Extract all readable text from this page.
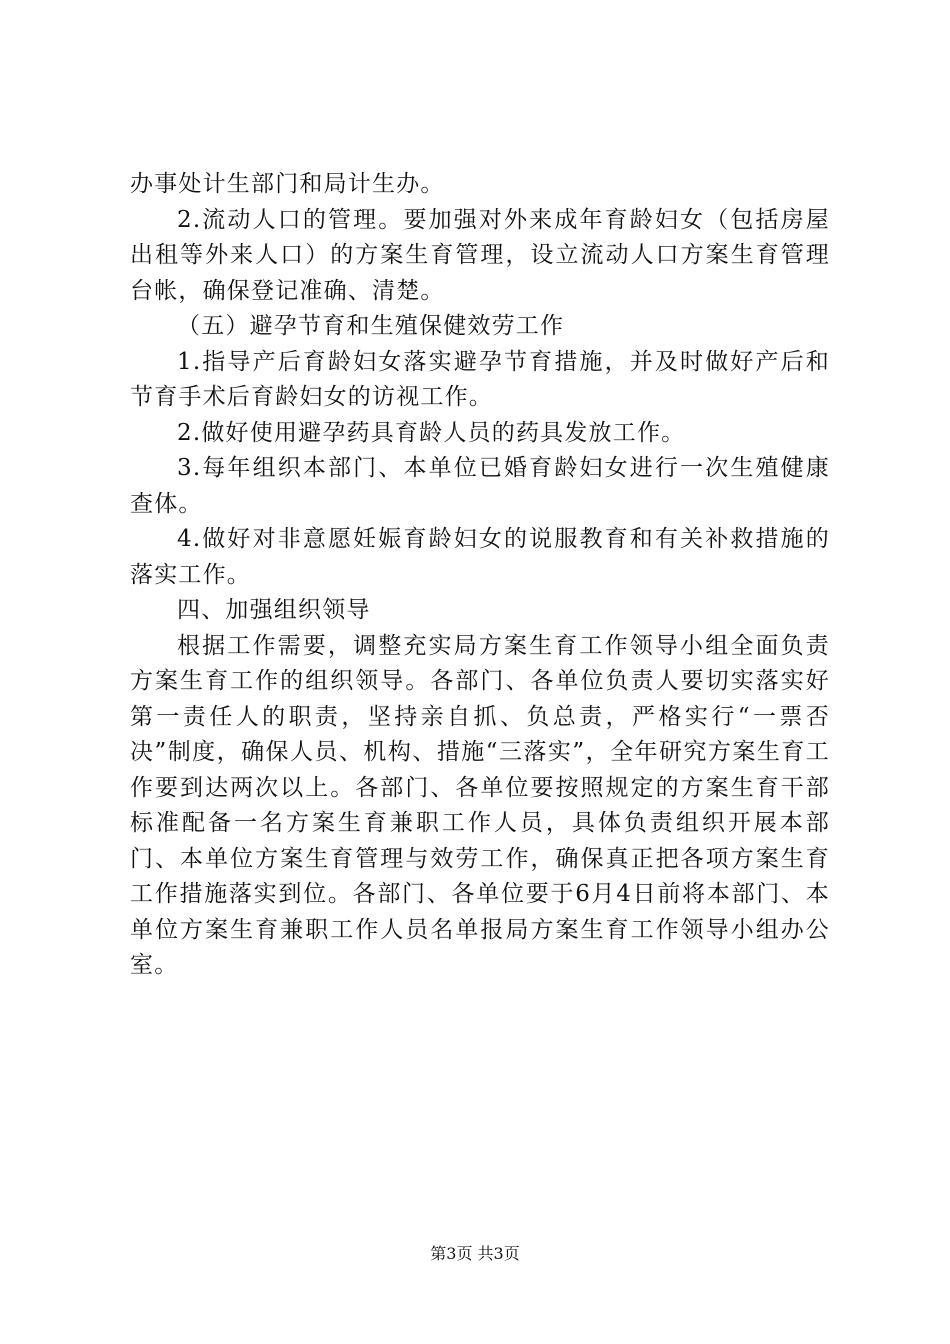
办事处计生部门和局计生办。

2.流动人口的管理。要加强对外来成年育龄妇女（包括房屋出租等外来人口）的方案生育管理，设立流动人口方案生育管理台帐，确保登记准确、清楚。

（五）避孕节育和生殖保健效劳工作

1.指导产后育龄妇女落实避孕节育措施，并及时做好产后和节育手术后育龄妇女的访视工作。

2.做好使用避孕药具育龄人员的药具发放工作。

3.每年组织本部门、本单位已婚育龄妇女进行一次生殖健康查体。

4.做好对非意愿妊娠育龄妇女的说服教育和有关补救措施的落实工作。

四、加强组织领导

根据工作需要，调整充实局方案生育工作领导小组全面负责方案生育工作的组织领导。各部门、各单位负责人要切实落实好第一责任人的职责，坚持亲自抓、负总责，严格实行“一票否决”制度，确保人员、机构、措施“三落实”，全年研究方案生育工作要到达两次以上。各部门、各单位要按照规定的方案生育干部标准配备一名方案生育兼职工作人员，具体负责组织开展本部门、本单位方案生育管理与效劳工作，确保真正把各项方案生育工作措施落实到位。各部门、各单位要于6月4日前将本部门、本单位方案生育兼职工作人员名单报局方案生育工作领导小组办公室。

第3页 共3页
